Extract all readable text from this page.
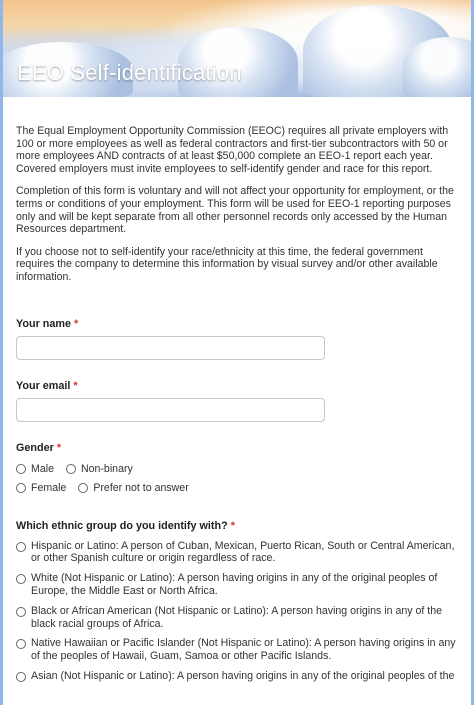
EEO Self-identification

The Equal Employment Opportunity Commission (EEOC) requires all private employers with 100 or more employees as well as federal contractors and first-tier subcontractors with 50 or more employees AND contracts of at least $50,000 complete an EEO-1 report each year. Covered employers must invite employees to self-identify gender and race for this report.

Completion of this form is voluntary and will not affect your opportunity for employment, or the terms or conditions of your employment. This form will be used for EEO-1 reporting purposes only and will be kept separate from all other personnel records only accessed by the Human Resources department.

If you choose not to self-identify your race/ethnicity at this time, the federal government requires the company to determine this information by visual survey and/or other available information.

Your name *
Your email *
Gender *
Male	Non-binary
Female	Prefer not to answer
Which ethnic group do you identify with? *
Hispanic or Latino: A person of Cuban, Mexican, Puerto Rican, South or Central American, or other Spanish culture or origin regardless of race.
White (Not Hispanic or Latino): A person having origins in any of the original peoples of Europe, the Middle East or North Africa.
Black or African American (Not Hispanic or Latino): A person having origins in any of the black racial groups of Africa.
Native Hawaiian or Pacific Islander (Not Hispanic or Latino): A person having origins in any of the peoples of Hawaii, Guam, Samoa or other Pacific Islands.
Asian (Not Hispanic or Latino): A person having origins in any of the original peoples of the
